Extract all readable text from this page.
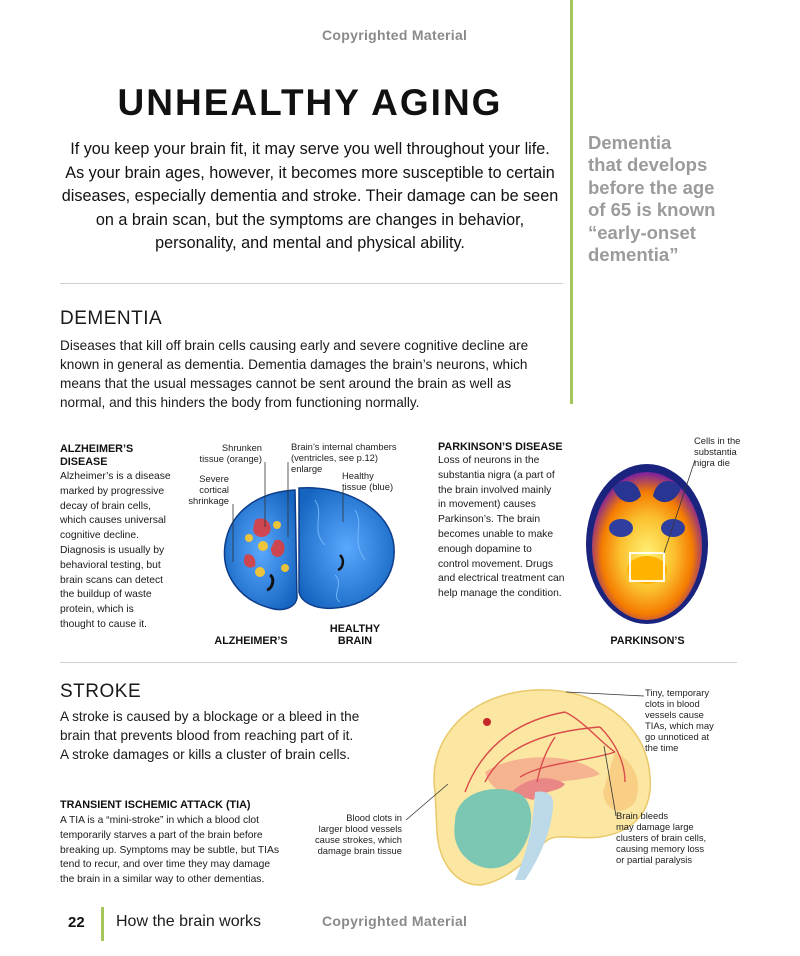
Copyrighted Material
Copyrighted Material
UNHEALTHY AGING
If you keep your brain fit, it may serve you well throughout your life. As your brain ages, however, it becomes more susceptible to certain diseases, especially dementia and stroke. Their damage can be seen on a brain scan, but the symptoms are changes in behavior, personality, and mental and physical ability.
Dementia
that develops
before the age
of 65 is known
“early-onset
dementia”
DEMENTIA
Diseases that kill off brain cells causing early and severe cognitive decline are known in general as dementia. Dementia damages the brain’s neurons, which means that the usual messages cannot be sent around the brain as well as normal, and this hinders the body from functioning normally.
ALZHEIMER’S
DISEASE
Alzheimer’s is a disease
marked by progressive
decay of brain cells,
which causes universal
cognitive decline.
Diagnosis is usually by
behavioral testing, but
brain scans can detect
the buildup of waste
protein, which is
thought to cause it.
Shrunken
tissue (orange)
Brain’s internal chambers
(ventricles, see p.12) enlarge
Severe
cortical
shrinkage
Healthy
tissue (blue)
ALZHEIMER’S
HEALTHY
BRAIN
PARKINSON’S DISEASE
Loss of neurons in the
substantia nigra (a part of
the brain involved mainly
in movement) causes
Parkinson’s. The brain
becomes unable to make
enough dopamine to
control movement. Drugs
and electrical treatment can
help manage the condition.
Cells in the
substantia
nigra die
PARKINSON’S
STROKE
A stroke is caused by a blockage or a bleed in the
brain that prevents blood from reaching part of it.
A stroke damages or kills a cluster of brain cells.
TRANSIENT ISCHEMIC ATTACK (TIA)
A TIA is a “mini-stroke” in which a blood clot
temporarily starves a part of the brain before
breaking up. Symptoms may be subtle, but TIAs
tend to recur, and over time they may damage
the brain in a similar way to other dementias.
Tiny, temporary
clots in blood
vessels cause
TIAs, which may
go unnoticed at
the time
Blood clots in
larger blood vessels
cause strokes, which
damage brain tissue
Brain bleeds
may damage large
clusters of brain cells,
causing memory loss
or partial paralysis
22 How the brain works
